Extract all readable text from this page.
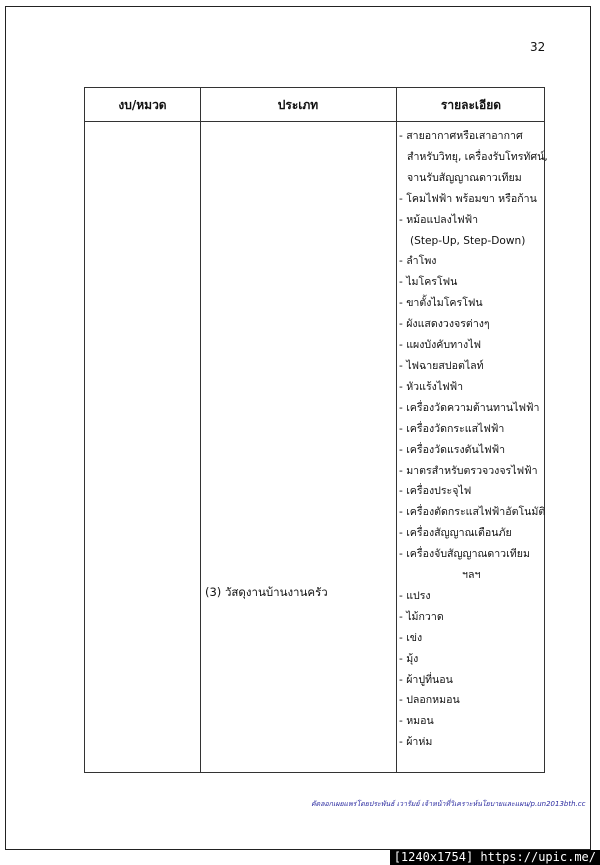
32
งบ/หมวด	ประเภท	รายละเอียด
(3) วัสดุงานบ้านงานครัว
- สายอากาศหรือเสาอากาศ
สำหรับวิทยุ, เครื่องรับโทรทัศน์,
จานรับสัญญาณดาวเทียม
- โคมไฟฟ้า พร้อมขา หรือก้าน
- หม้อแปลงไฟฟ้า
(Step-Up, Step-Down)
- ลำโพง
- ไมโครโฟน
- ขาตั้งไมโครโฟน
- ผังแสดงวงจรต่างๆ
- แผงบังคับทางไฟ
- ไฟฉายสปอตไลท์
- หัวแร้งไฟฟ้า
- เครื่องวัดความต้านทานไฟฟ้า
- เครื่องวัดกระแสไฟฟ้า
- เครื่องวัดแรงดันไฟฟ้า
- มาตรสำหรับตรวจวงจรไฟฟ้า
- เครื่องประจุไฟ
- เครื่องตัดกระแสไฟฟ้าอัตโนมัติ
- เครื่องสัญญาณเตือนภัย
- เครื่องจับสัญญาณดาวเทียม
ฯลฯ
- แปรง
- ไม้กวาด
- เข่ง
- มุ้ง
- ผ้าปูที่นอน
- ปลอกหมอน
- หมอน
- ผ้าห่ม
คัดลอกเผยแพร่โดยประพันธ์ เวารัมย์ เจ้าหน้าที่วิเคราะห์นโยบายและแผน/p.un2013bth.cc
[1240x1754] https://upic.me/
